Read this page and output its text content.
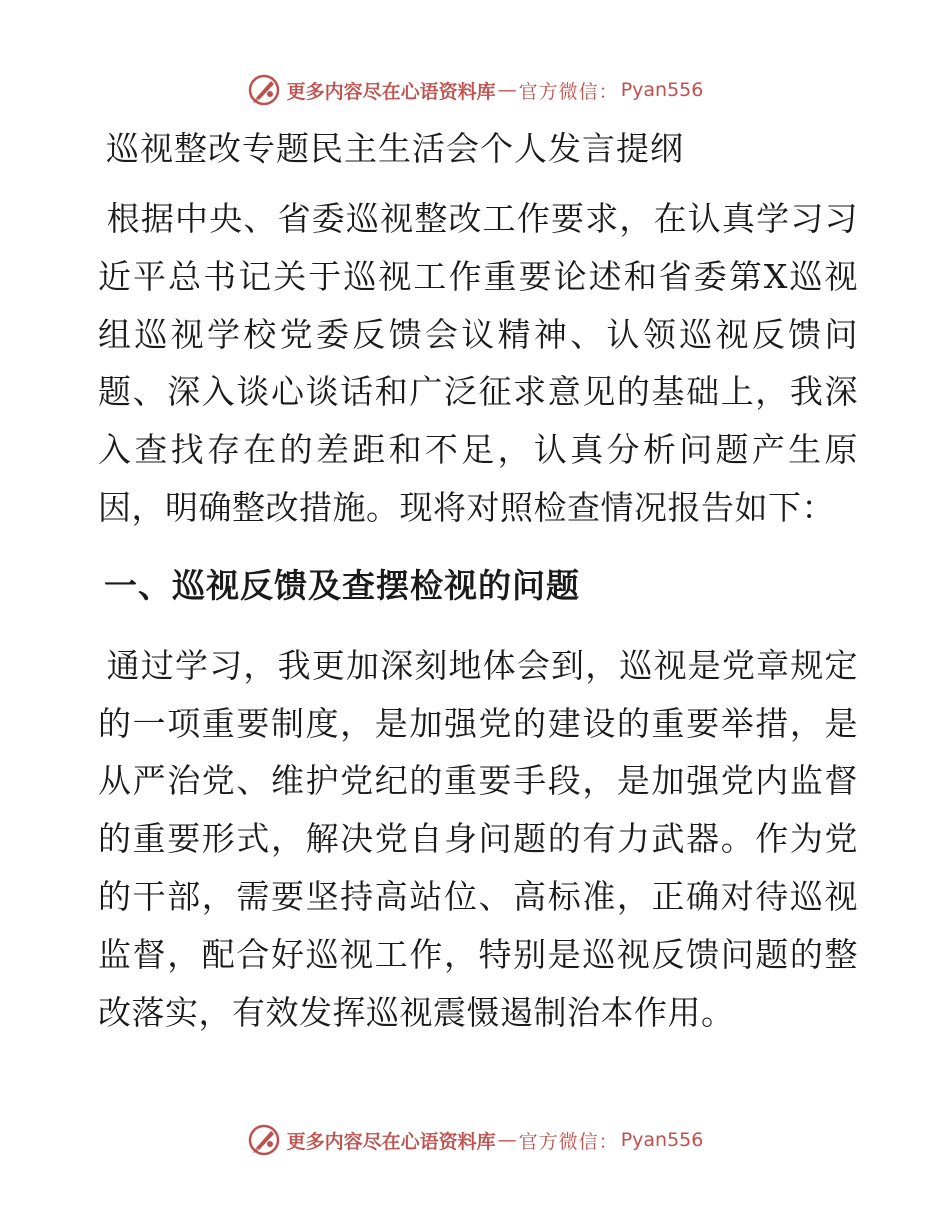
更多内容尽在心语资料库 — 官方微信： Pyan556
巡视整改专题民主生活会个人发言提纲

根据中央、省委巡视整改工作要求，在认真学习习近平总书记关于巡视工作重要论述和省委第X巡视组巡视学校党委反馈会议精神、认领巡视反馈问题、深入谈心谈话和广泛征求意见的基础上，我深入查找存在的差距和不足，认真分析问题产生原因，明确整改措施。现将对照检查情况报告如下：

一、巡视反馈及查摆检视的问题

通过学习，我更加深刻地体会到，巡视是党章规定的一项重要制度，是加强党的建设的重要举措，是从严治党、维护党纪的重要手段，是加强党内监督的重要形式，解决党自身问题的有力武器。作为党的干部，需要坚持高站位、高标准，正确对待巡视监督，配合好巡视工作，特别是巡视反馈问题的整改落实，有效发挥巡视震慑遏制治本作用。

更多内容尽在心语资料库 — 官方微信： Pyan556
